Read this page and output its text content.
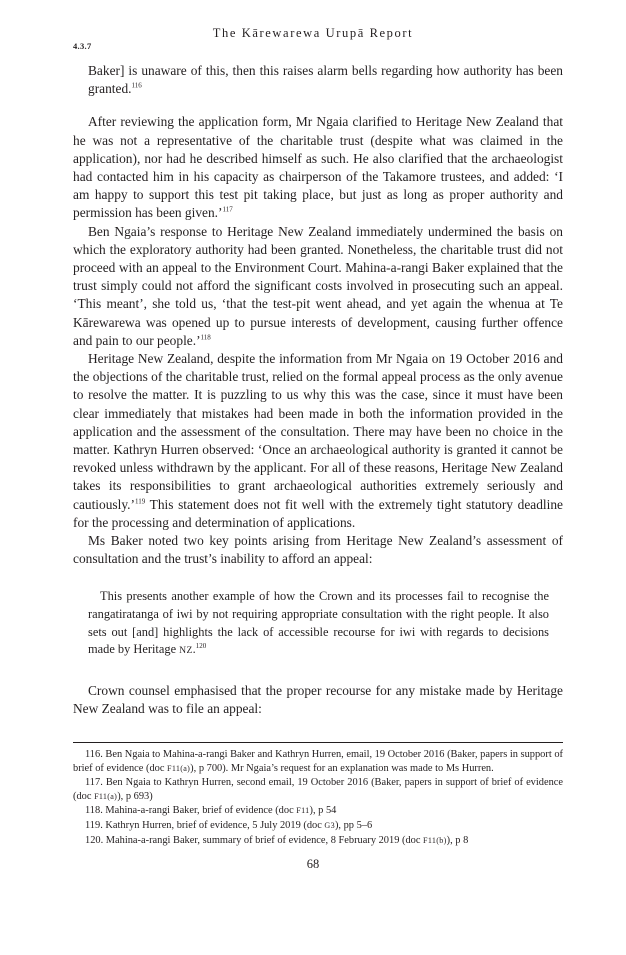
The Kārewarewa Urupā Report
4.3.7

Baker] is unaware of this, then this raises alarm bells regarding how authority has been granted.$^{116}$

After reviewing the application form, Mr Ngaia clarified to Heritage New Zealand that he was not a representative of the charitable trust (despite what was claimed in the application), nor had he described himself as such. He also clarified that the archaeologist had contacted him in his capacity as chairperson of the Takamore trustees, and added: ‘I am happy to support this test pit taking place, but just as long as proper authority and permission has been given.’$^{117}$

Ben Ngaia’s response to Heritage New Zealand immediately undermined the basis on which the exploratory authority had been granted. Nonetheless, the charitable trust did not proceed with an appeal to the Environment Court. Mahina-a-rangi Baker explained that the trust simply could not afford the significant costs involved in prosecuting such an appeal. ‘This meant’, she told us, ‘that the test-pit went ahead, and yet again the whenua at Te Kārewarewa was opened up to pursue interests of development, causing further offence and pain to our people.’$^{118}$

Heritage New Zealand, despite the information from Mr Ngaia on 19 October 2016 and the objections of the charitable trust, relied on the formal appeal process as the only avenue to resolve the matter. It is puzzling to us why this was the case, since it must have been clear immediately that mistakes had been made in both the information provided in the application and the assessment of the consultation. There may have been no choice in the matter. Kathryn Hurren observed: ‘Once an archaeological authority is granted it cannot be revoked unless withdrawn by the applicant. For all of these reasons, Heritage New Zealand takes its responsibilities to grant archaeological authorities extremely seriously and cautiously.’$^{119}$ This statement does not fit well with the extremely tight statutory deadline for the processing and determination of applications.

Ms Baker noted two key points arising from Heritage New Zealand’s assessment of consultation and the trust’s inability to afford an appeal:

This presents another example of how the Crown and its processes fail to recognise the rangatiratanga of iwi by not requiring appropriate consultation with the right people. It also sets out [and] highlights the lack of accessible recourse for iwi with regards to decisions made by Heritage NZ.$^{120}$

Crown counsel emphasised that the proper recourse for any mistake made by Heritage New Zealand was to file an appeal:

116. Ben Ngaia to Mahina-a-rangi Baker and Kathryn Hurren, email, 19 October 2016 (Baker, papers in support of brief of evidence (doc F11(a)), p 700). Mr Ngaia’s request for an explanation was made to Ms Hurren.

117. Ben Ngaia to Kathryn Hurren, second email, 19 October 2016 (Baker, papers in support of brief of evidence (doc F11(a)), p 693)

118. Mahina-a-rangi Baker, brief of evidence (doc F11), p 54

119. Kathryn Hurren, brief of evidence, 5 July 2019 (doc G3), pp 5–6

120. Mahina-a-rangi Baker, summary of brief of evidence, 8 February 2019 (doc F11(b)), p 8

68
